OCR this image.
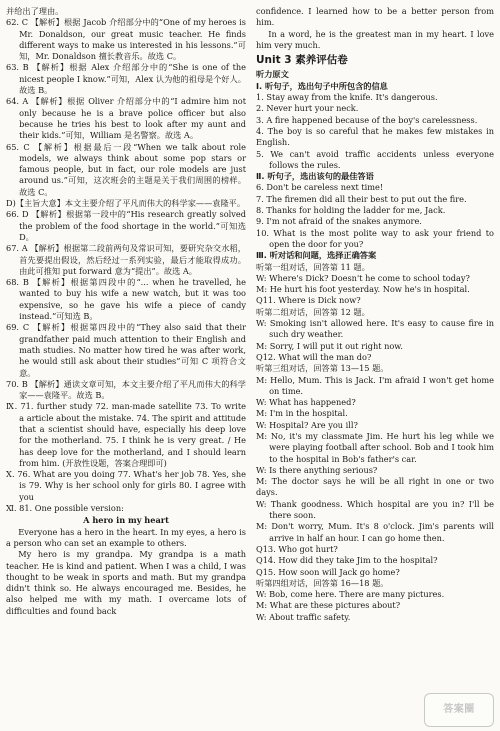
并给出了理由。

62. C 【解析】根据 Jacob 介绍部分中的“One of my heroes is Mr. Donaldson, our great music teacher. He finds different ways to make us interested in his lessons.”可知，Mr. Donaldson 擅长教音乐。故选 C。

63. B 【解析】根据 Alex 介绍部分中的“She is one of the nicest people I know.”可知，Alex 认为他的祖母是个好人。故选 B。

64. A 【解析】根据 Oliver 介绍部分中的“I admire him not only because he is a brave police officer but also because he tries his best to look after my aunt and their kids.”可知，William 是名警察。故选 A。

65. C 【解析】根据最后一段“When we talk about role models, we always think about some pop stars or famous people, but in fact, our role models are just around us.”可知，这次班会的主题是关于我们周围的榜样。故选 C。

D)【主旨大意】本文主要介绍了平凡而伟大的科学家——袁隆平。

66. D 【解析】根据第一段中的“His research greatly solved the problem of the food shortage in the world.”可知选 D。

67. A 【解析】根据第二段前两句及常识可知，要研究杂交水稻，首先要提出假设，然后经过一系列实验，最后才能取得成功。由此可推知 put forward 意为“提出”。故选 A。

68. B 【解析】根据第四段中的“... when he travelled, he wanted to buy his wife a new watch, but it was too expensive, so he gave his wife a piece of candy instead.”可知选 B。

69. C 【解析】根据第四段中的“They also said that their grandfather paid much attention to their English and math studies. No matter how tired he was after work, he would still ask about their studies”可知 C 项符合文意。

70. B 【解析】通读文章可知，本文主要介绍了平凡而伟大的科学家——袁隆平。故选 B。

Ⅸ. 71. further study 72. man-made satellite 73. To write a article about the mistake. 74. The spirit and attitude that a scientist should have, especially his deep love for the motherland. 75. I think he is very great. / He has deep love for the motherland, and I should learn from him. (开放性设题，答案合理即可)

Ⅹ. 76. What are you doing 77. What's her job 78. Yes, she is 79. Why is her school only for girls 80. I agree with you

Ⅺ. 81. One possible version:

A hero in my heart

Everyone has a hero in the heart. In my eyes, a hero is a person who can set an example to others.

My hero is my grandpa. My grandpa is a math teacher. He is kind and patient. When I was a child, I was thought to be weak in sports and math. But my grandpa didn't think so. He always encouraged me. Besides, he also helped me with my math. I overcame lots of difficulties and found back

confidence. I learned how to be a better person from him.

In a word, he is the greatest man in my heart. I love him very much.

Unit 3 素养评估卷

听力原文

Ⅰ. 听句子，选出句子中所包含的信息

1. Stay away from the knife. It's dangerous.

2. Never hurt your neck.

3. A fire happened because of the boy's carelessness.

4. The boy is so careful that he makes few mistakes in English.

5. We can't avoid traffic accidents unless everyone follows the rules.

Ⅱ. 听句子，选出该句的最佳答语

6. Don't be careless next time!

7. The firemen did all their best to put out the fire.

8. Thanks for holding the ladder for me, Jack.

9. I'm not afraid of the snakes anymore.

10. What is the most polite way to ask your friend to open the door for you?

Ⅲ. 听对话和问题，选择正确答案

听第一组对话，回答第 11 题。

W: Where's Dick? Doesn't he come to school today?

M: He hurt his foot yesterday. Now he's in hospital.

Q11. Where is Dick now?

听第二组对话，回答第 12 题。

W: Smoking isn't allowed here. It's easy to cause fire in such dry weather.

M: Sorry, I will put it out right now.

Q12. What will the man do?

听第三组对话，回答第 13—15 题。

M: Hello, Mum. This is Jack. I'm afraid I won't get home on time.

W: What has happened?

M: I'm in the hospital.

W: Hospital? Are you ill?

M: No, it's my classmate Jim. He hurt his leg while we were playing football after school. Bob and I took him to the hospital in Bob's father's car.

W: Is there anything serious?

M: The doctor says he will be all right in one or two days.

W: Thank goodness. Which hospital are you in? I'll be there soon.

M: Don't worry, Mum. It's 8 o'clock. Jim's parents will arrive in half an hour. I can go home then.

Q13. Who got hurt?

Q14. How did they take Jim to the hospital?

Q15. How soon will Jack go home?

听第四组对话，回答第 16—18 题。

W: Bob, come here. There are many pictures.

M: What are these pictures about?

W: About traffic safety.

答案圈
